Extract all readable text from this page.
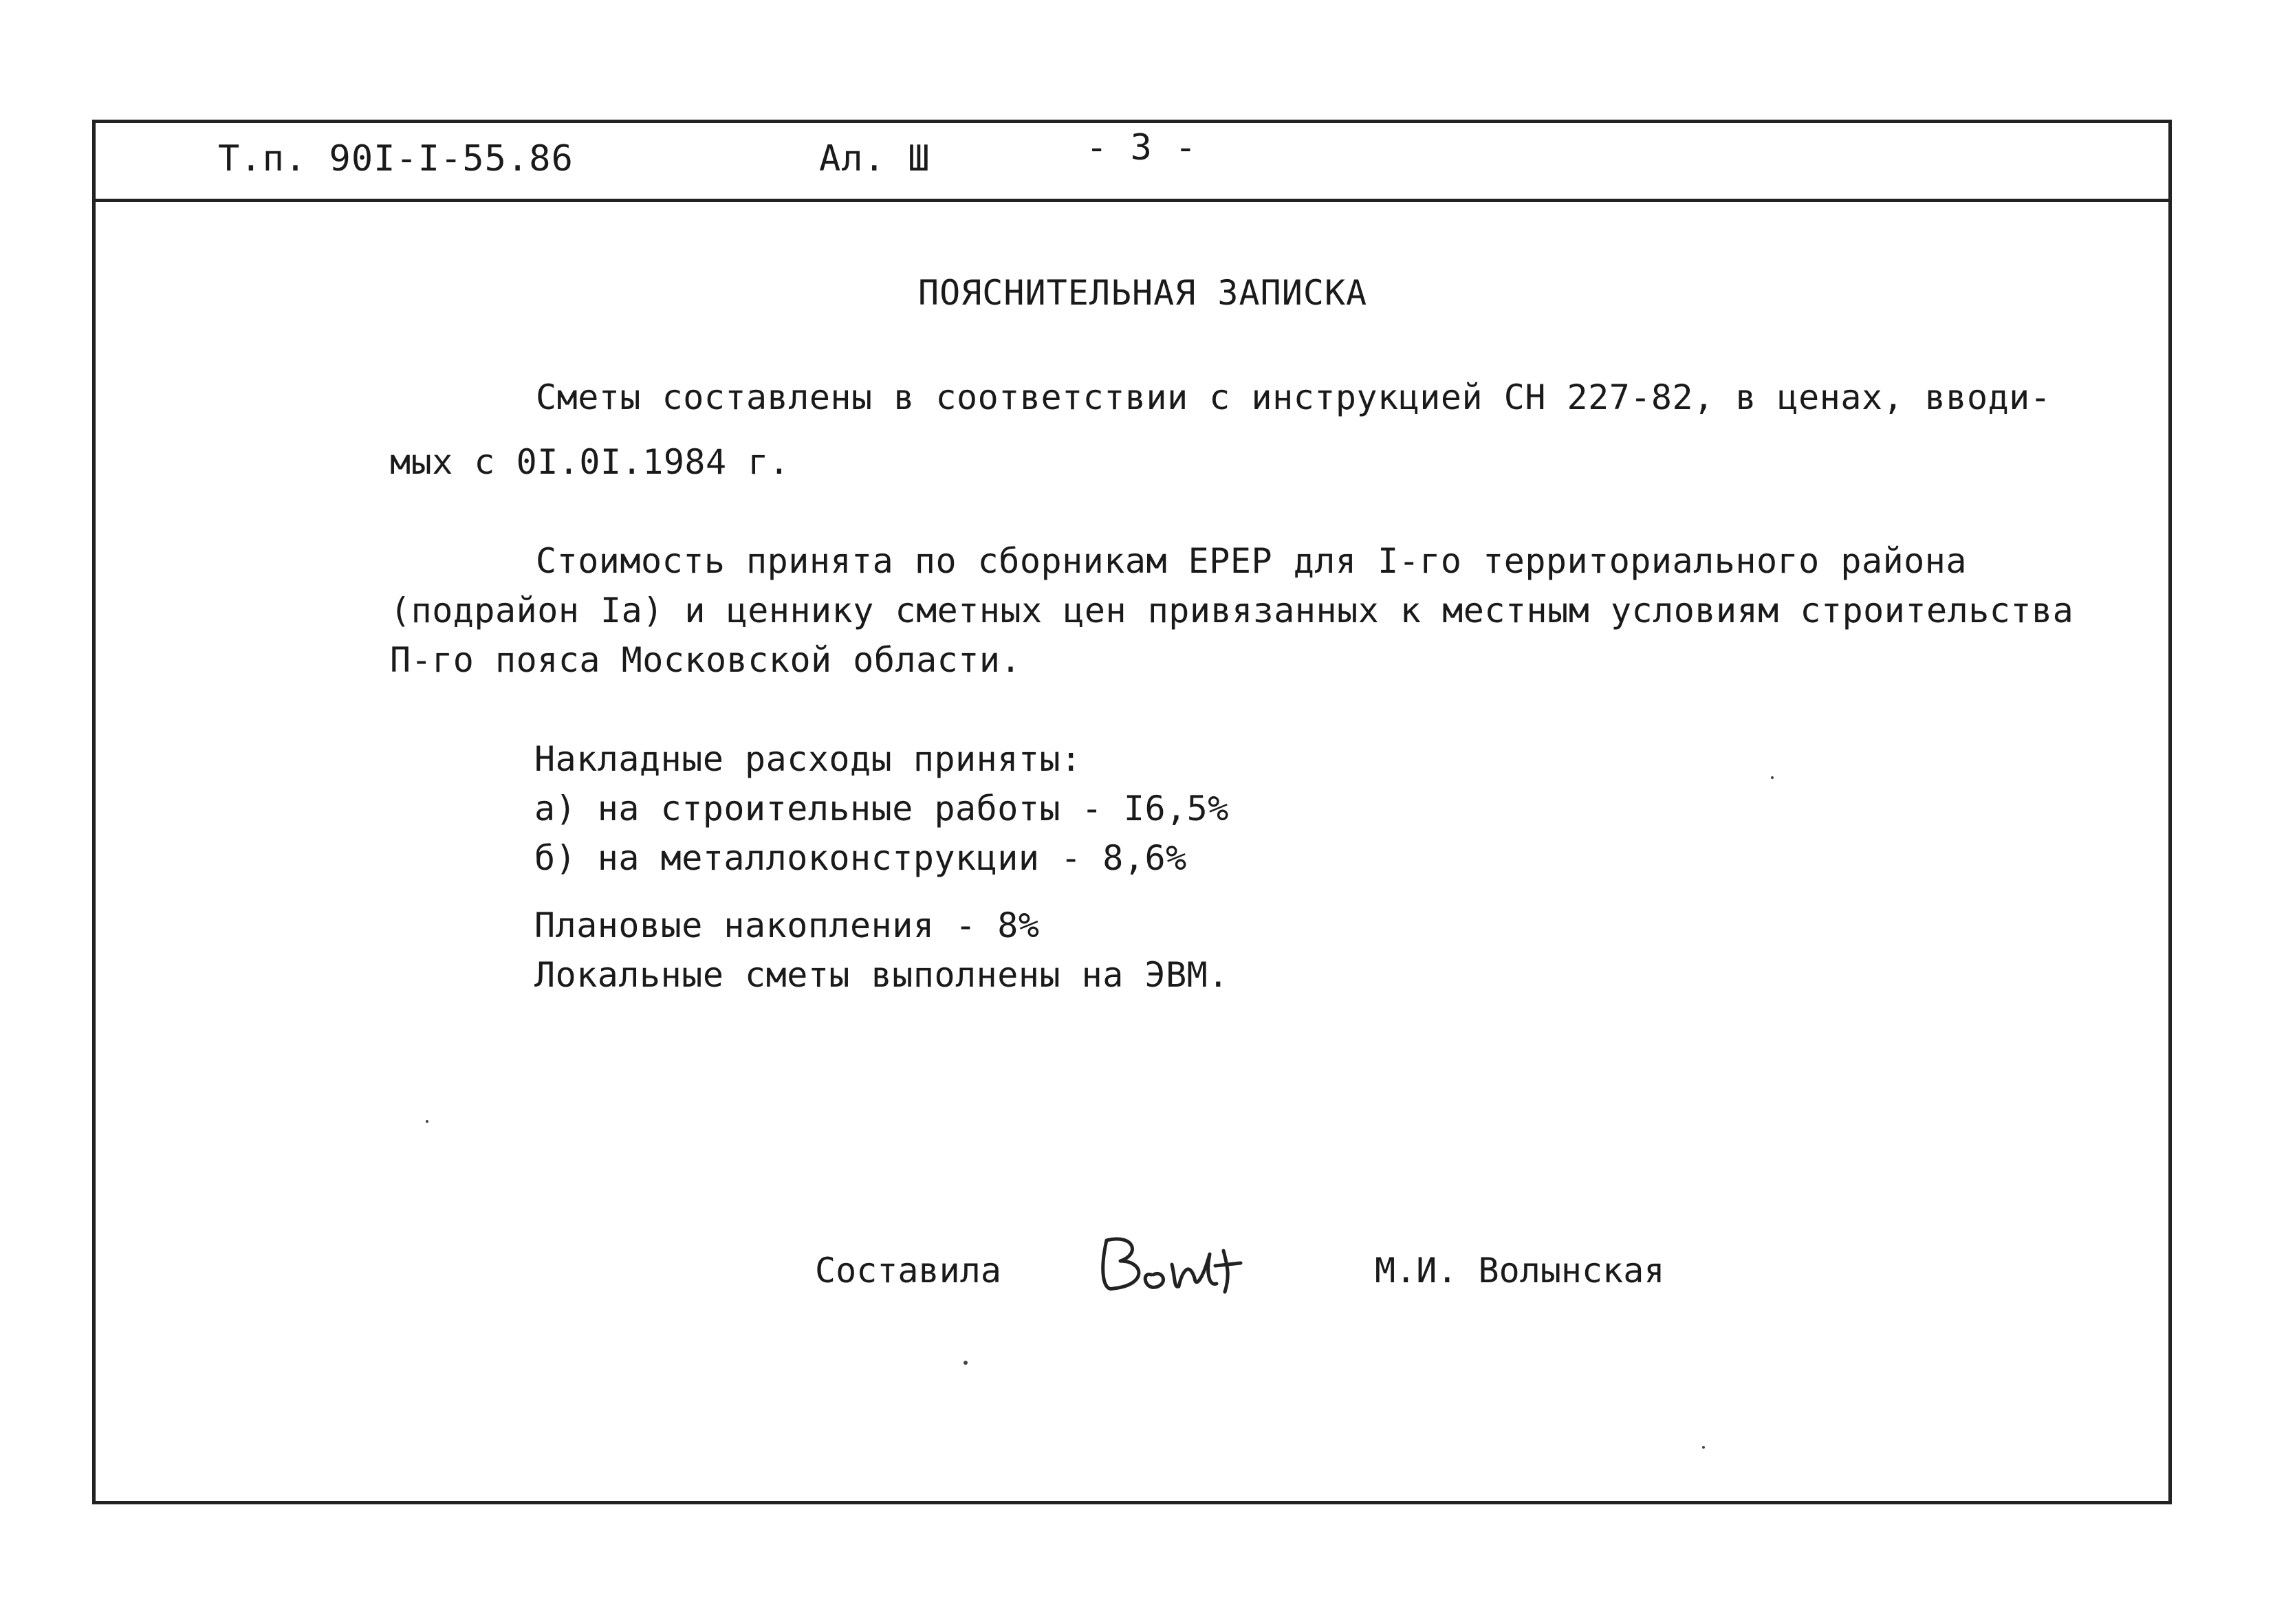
Т.п. 90I-I-55.86	Ал. Ш	- 3 -
ПОЯСНИТЕЛЬНАЯ ЗАПИСКА
Сметы составлены в соответствии с инструкцией СН 227-82, в ценах, вводи-
мых с 0I.0I.1984 г.
Стоимость принята по сборникам ЕРЕР для I-го территориального района
(подрайон Iа) и ценнику сметных цен привязанных к местным условиям строительства
П-го пояса Московской области.
Накладные расходы приняты:
а) на строительные работы - I6,5%
б) на металлоконструкции - 8,6%
Плановые накопления - 8%
Локальные сметы выполнены на ЭВМ.
Составила	М.И. Волынская
